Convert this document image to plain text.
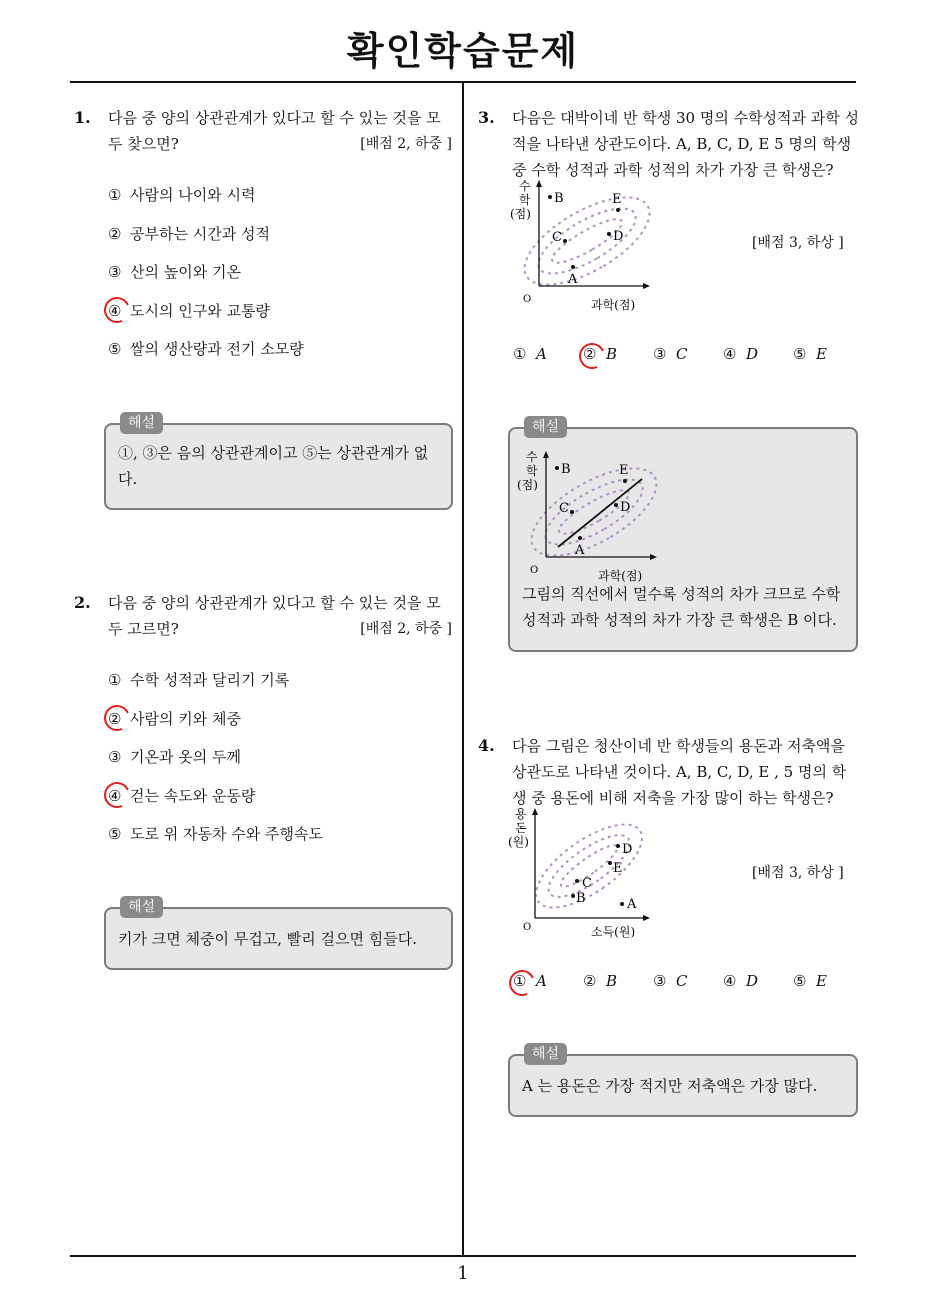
확인학습문제
1
1. 다음 중 양의 상관관계가 있다고 할 수 있는 것을 모두 찾으면?	[배점 2, 하중 ]
① 사람의 나이와 시력
② 공부하는 시간과 성적
③ 산의 높이와 기온
④ 도시의 인구와 교통량
⑤ 쌀의 생산량과 전기 소모량
해설
①, ③은 음의 상관관계이고 ⑤는 상관관계가 없다.
2. 다음 중 양의 상관관계가 있다고 할 수 있는 것을 모두 고르면?	[배점 2, 하중 ]
① 수학 성적과 달리기 기록
② 사람의 키와 체중
③ 기온과 옷의 두께
④ 걷는 속도와 운동량
⑤ 도로 위 자동차 수와 주행속도
해설
키가 크면 체중이 무겁고, 빨리 걸으면 힘들다.
3. 다음은 대박이네 반 학생 30 명의 수학성적과 과학 성적을 나타낸 상관도이다. A, B, C, D, E 5 명의 학생 중 수학 성적과 과학 성적의 차가 가장 큰 학생은?
[배점 3, 하상 ]
수
학
(점)
O	과학(점)
A
B
C	D
E
① A ② B ③ C ④ D ⑤ E
해설
수
학
(점)
O	과학(점)
A
B
C	D
E
그림의 직선에서 멀수록 성적의 차가 크므로 수학 성적과 과학 성적의 차가 가장 큰 학생은 B 이다.
4. 다음 그림은 청산이네 반 학생들의 용돈과 저축액을 상관도로 나타낸 것이다. A, B, C, D, E , 5 명의 학생 중 용돈에 비해 저축을 가장 많이 하는 학생은?
[배점 3, 하상 ]
용
돈
(원)
O	소득(원)
A
B
C
D
E
① A ② B ③ C ④ D ⑤ E
해설
A 는 용돈은 가장 적지만 저축액은 가장 많다.
